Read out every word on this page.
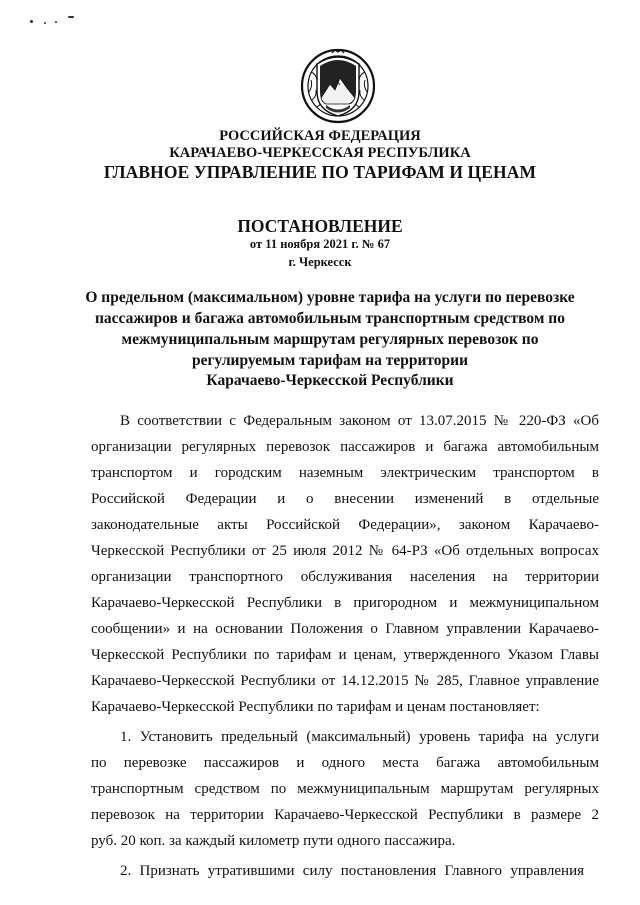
РОССИЙСКАЯ ФЕДЕРАЦИЯ
КАРАЧАЕВО-ЧЕРКЕССКАЯ РЕСПУБЛИКА
ГЛАВНОЕ УПРАВЛЕНИЕ ПО ТАРИФАМ И ЦЕНАМ
ПОСТАНОВЛЕНИЕ
от 11 ноября 2021 г. № 67
г. Черкесск
О предельном (максимальном) уровне тарифа на услуги по перевозке
пассажиров и багажа автомобильным транспортным средством по
межмуниципальным маршрутам регулярных перевозок по
регулируемым тарифам на территории
Карачаево-Черкесской Республики
В соответствии с Федеральным законом от 13.07.2015 № 220-ФЗ «Об
организации регулярных перевозок пассажиров и багажа автомобильным
транспортом и городским наземным электрическим транспортом в
Российской Федерации и о внесении изменений в отдельные
законодательные акты Российской Федерации», законом Карачаево-
Черкесской Республики от 25 июля 2012 № 64-РЗ «Об отдельных вопросах
организации транспортного обслуживания населения на территории
Карачаево-Черкесской Республики в пригородном и межмуниципальном
сообщении» и на основании Положения о Главном управлении Карачаево-
Черкесской Республики по тарифам и ценам, утвержденного Указом Главы
Карачаево-Черкесской Республики от 14.12.2015 № 285, Главное управление
Карачаево-Черкесской Республики по тарифам и ценам постановляет:
1. Установить предельный (максимальный) уровень тарифа на услуги
по перевозке пассажиров и одного места багажа автомобильным
транспортным средством по межмуниципальным маршрутам регулярных
перевозок на территории Карачаево-Черкесской Республики в размере 2
руб. 20 коп. за каждый километр пути одного пассажира.
2. Признать утратившими силу постановления Главного управления
